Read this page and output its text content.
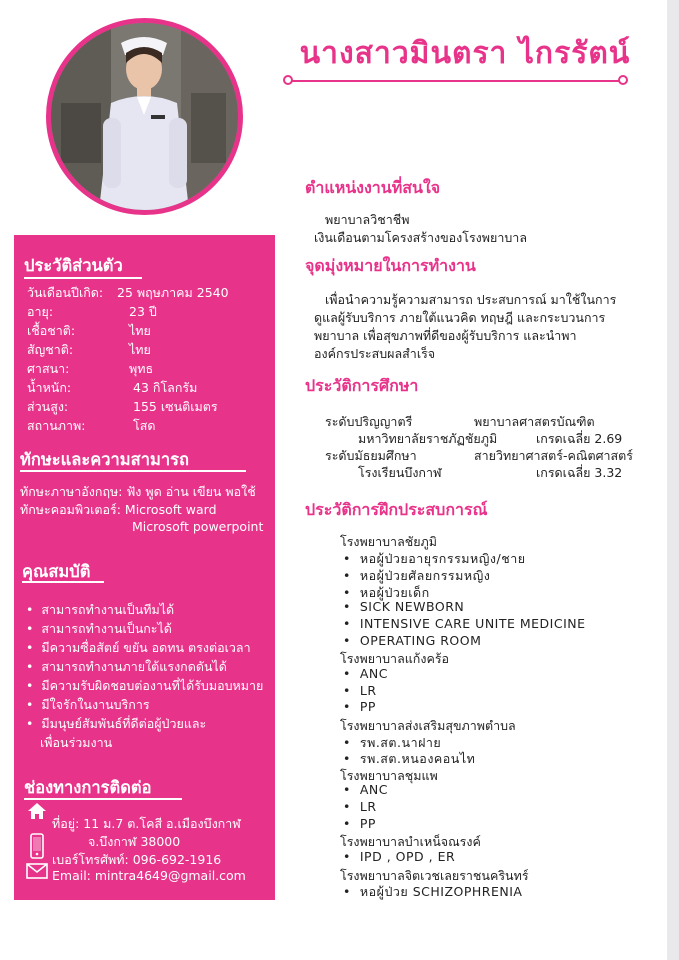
นางสาวมินตรา ไกรรัตน์
ตำแหน่งงานที่สนใจ
พยาบาลวิชาชีพ
เงินเดือนตามโครงสร้างของโรงพยาบาล
จุดมุ่งหมายในการทำงาน
เพื่อนำความรู้ความสามารถ ประสบการณ์ มาใช้ในการ
ดูแลผู้รับบริการ ภายใต้แนวคิด ทฤษฎี และกระบวนการ
พยาบาล เพื่อสุขภาพที่ดีของผู้รับบริการ และนำพา
องค์กรประสบผลสำเร็จ
ประวัติการศึกษา
ระดับปริญญาตรี	พยาบาลศาสตรบัณฑิต
มหาวิทยาลัยราชภัฏชัยภูมิ	เกรดเฉลี่ย 2.69
ระดับมัธยมศึกษา	สายวิทยาศาสตร์-คณิตศาสตร์
โรงเรียนบึงกาฬ	เกรดเฉลี่ย 3.32
ประวัติการฝึกประสบการณ์
โรงพยาบาลชัยภูมิ
• หอผู้ป่วยอายุรกรรมหญิง/ชาย
• หอผู้ป่วยศัลยกรรมหญิง
• หอผู้ป่วยเด็ก
• SICK NEWBORN
• INTENSIVE CARE UNITE MEDICINE
• OPERATING ROOM
โรงพยาบาลแก้งคร้อ
• ANC
• LR
• PP
โรงพยาบาลส่งเสริมสุขภาพตำบล
• รพ.สต.นาฝาย
• รพ.สต.หนองคอนไท
โรงพยาบาลชุมแพ
• ANC
• LR
• PP
โรงพยาบาลบำเหน็จณรงค์
• IPD , OPD , ER
โรงพยาบาลจิตเวชเลยราชนครินทร์
• หอผู้ป่วย SCHIZOPHRENIA
ประวัติส่วนตัว
วันเดือนปีเกิด: 25 พฤษภาคม 2540
อายุ:	23 ปี
เชื้อชาติ:	ไทย
สัญชาติ:	ไทย
ศาสนา:	พุทธ
น้ำหนัก:	43 กิโลกรัม
ส่วนสูง:	155 เซนติเมตร
สถานภาพ:	โสด
ทักษะและความสามารถ
ทักษะภาษาอังกฤษ: ฟัง พูด อ่าน เขียน พอใช้
ทักษะคอมพิวเตอร์: Microsoft ward
Microsoft powerpoint
คุณสมบัติ
• สามารถทำงานเป็นทีมได้
• สามารถทำงานเป็นกะได้
• มีความซื่อสัตย์ ขยัน อดทน ตรงต่อเวลา
• สามารถทำงานภายใต้แรงกดดันได้
• มีความรับผิดชอบต่องานที่ได้รับมอบหมาย
• มีใจรักในงานบริการ
• มีมนุษย์สัมพันธ์ที่ดีต่อผู้ป่วยและ
เพื่อนร่วมงาน
ช่องทางการติดต่อ
ที่อยู่: 11 ม.7 ต.โคสี อ.เมืองบึงกาฬ
จ.บึงกาฬ 38000
เบอร์โทรศัพท์: 096-692-1916
Email: mintra4649@gmail.com
